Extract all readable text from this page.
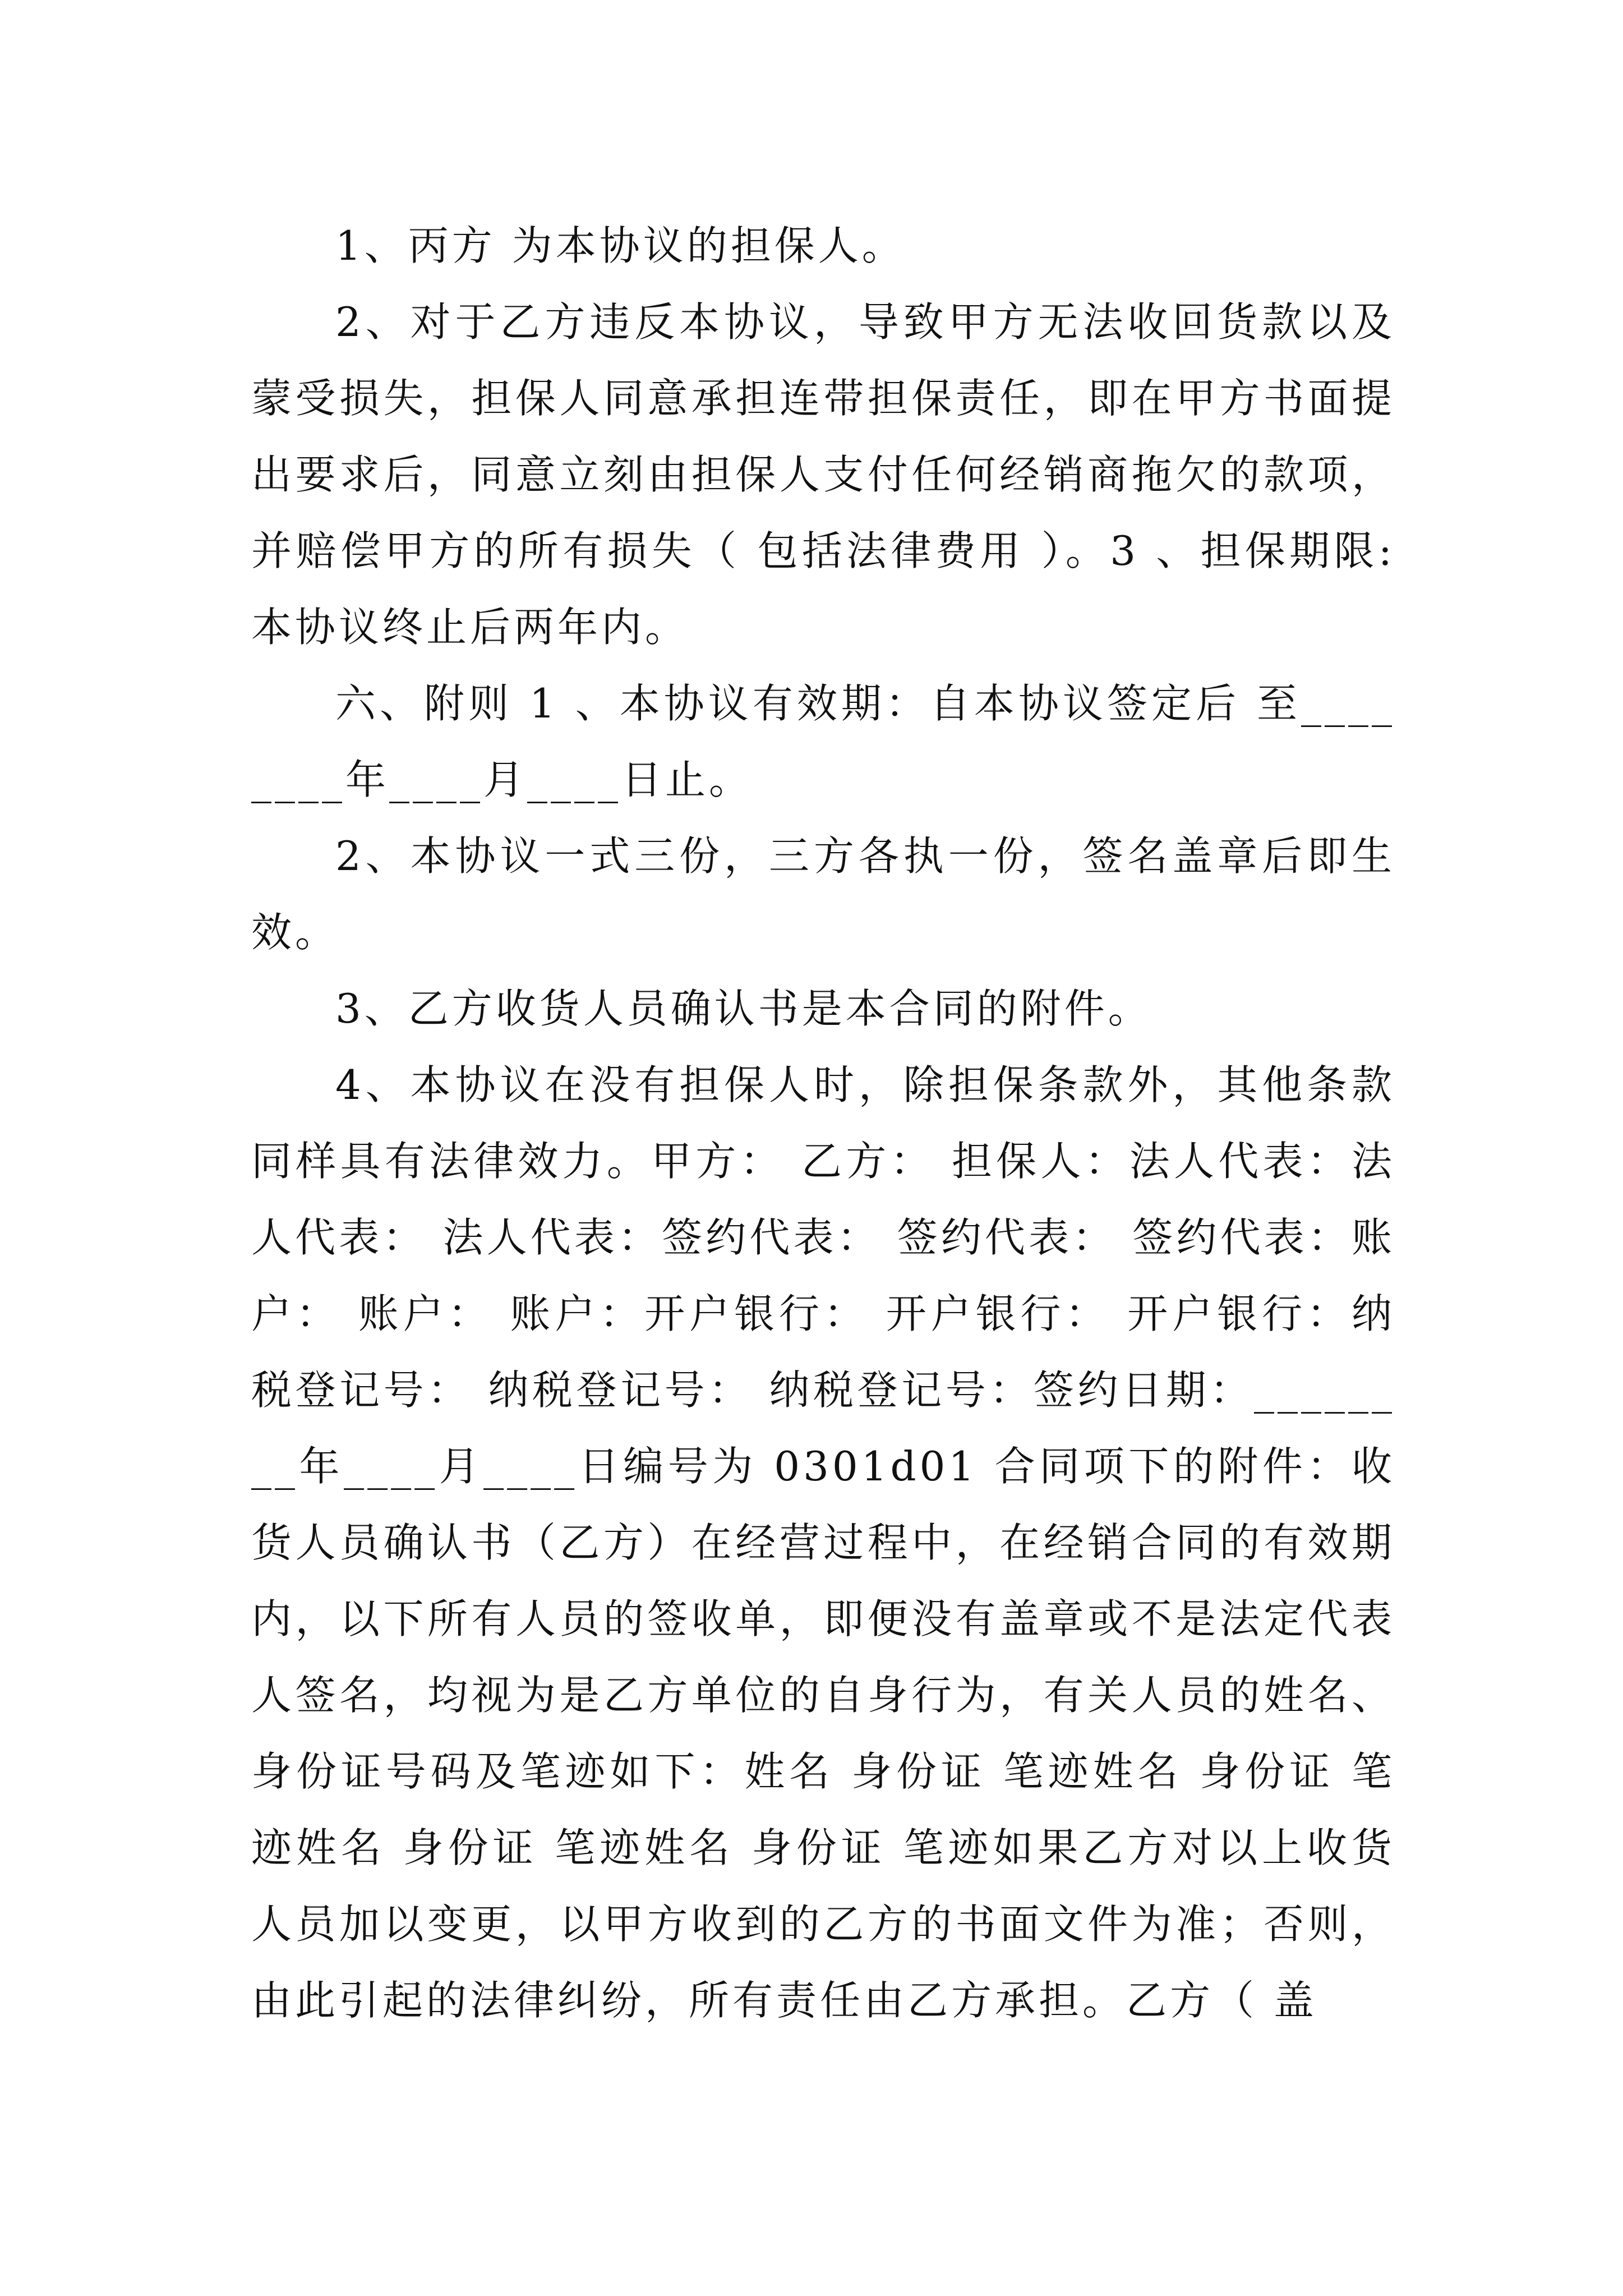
1、丙方 为本协议的担保人。

2、对于乙方违反本协议，导致甲方无法收回货款以及蒙受损失，担保人同意承担连带担保责任，即在甲方书面提出要求后，同意立刻由担保人支付任何经销商拖欠的款项，并赔偿甲方的所有损失（ 包括法律费用 ）。3 、担保期限:本协议终止后两年内。

六、附则 1 、本协议有效期：自本协议签定后 至________年____月____日止。

2、本协议一式三份，三方各执一份，签名盖章后即生效。

3、乙方收货人员确认书是本合同的附件。

4、本协议在没有担保人时，除担保条款外，其他条款同样具有法律效力。甲方： 乙方： 担保人：法人代表：法人代表： 法人代表：签约代表： 签约代表： 签约代表：账户： 账户： 账户：开户银行： 开户银行： 开户银行：纳税登记号： 纳税登记号： 纳税登记号：签约日期：________年____月____日编号为 0301d01 合同项下的附件：收货人员确认书（乙方）在经营过程中，在经销合同的有效期内，以下所有人员的签收单，即便没有盖章或不是法定代表人签名，均视为是乙方单位的自身行为，有关人员的姓名、身份证号码及笔迹如下：姓名 身份证 笔迹姓名 身份证 笔迹姓名 身份证 笔迹姓名 身份证 笔迹如果乙方对以上收货人员加以变更，以甲方收到的乙方的书面文件为准；否则，由此引起的法律纠纷，所有责任由乙方承担。乙方（ 盖
